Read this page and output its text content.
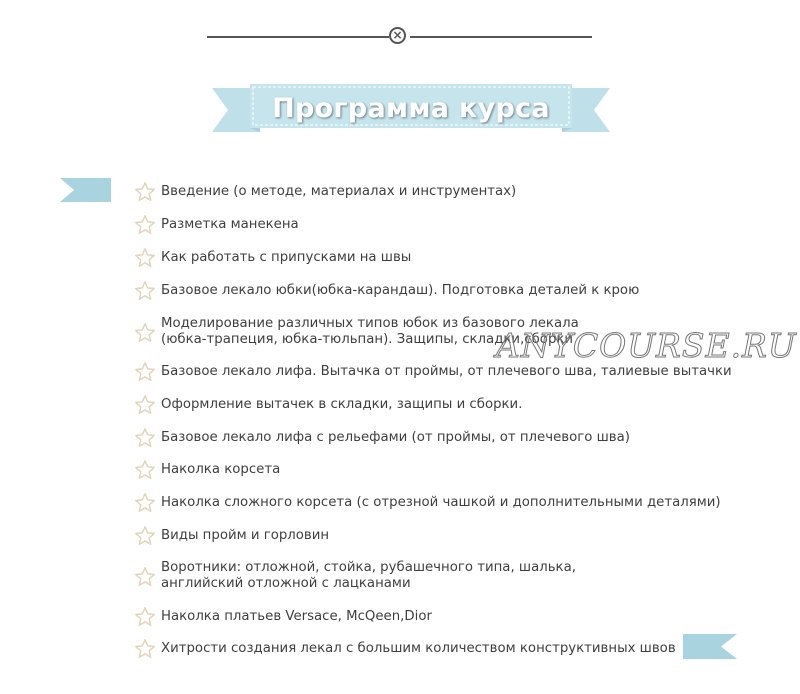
×
Программа курса
Введение (о методе, материалах и инструментах)
Разметка манекена
Как работать с припусками на швы
Базовое лекало юбки(юбка-карандаш). Подготовка деталей к крою
Моделирование различных типов юбок из базового лекала
(юбка-трапеция, юбка-тюльпан). Защипы, складки,сборки
Базовое лекало лифа. Вытачка от проймы, от плечевого шва, талиевые вытачки
Оформление вытачек в складки, защипы и сборки.
Базовое лекало лифа с рельефами (от проймы, от плечевого шва)
Наколка корсета
Наколка сложного корсета (с отрезной чашкой и дополнительными деталями)
Виды пройм и горловин
Воротники: отложной, стойка, рубашечного типа, шалька,
английский отложной с лацканами
Наколка платьев Versace, McQeen,Dior
Хитрости создания лекал с большим количеством конструктивных швов
ANYCOURSE.RU
